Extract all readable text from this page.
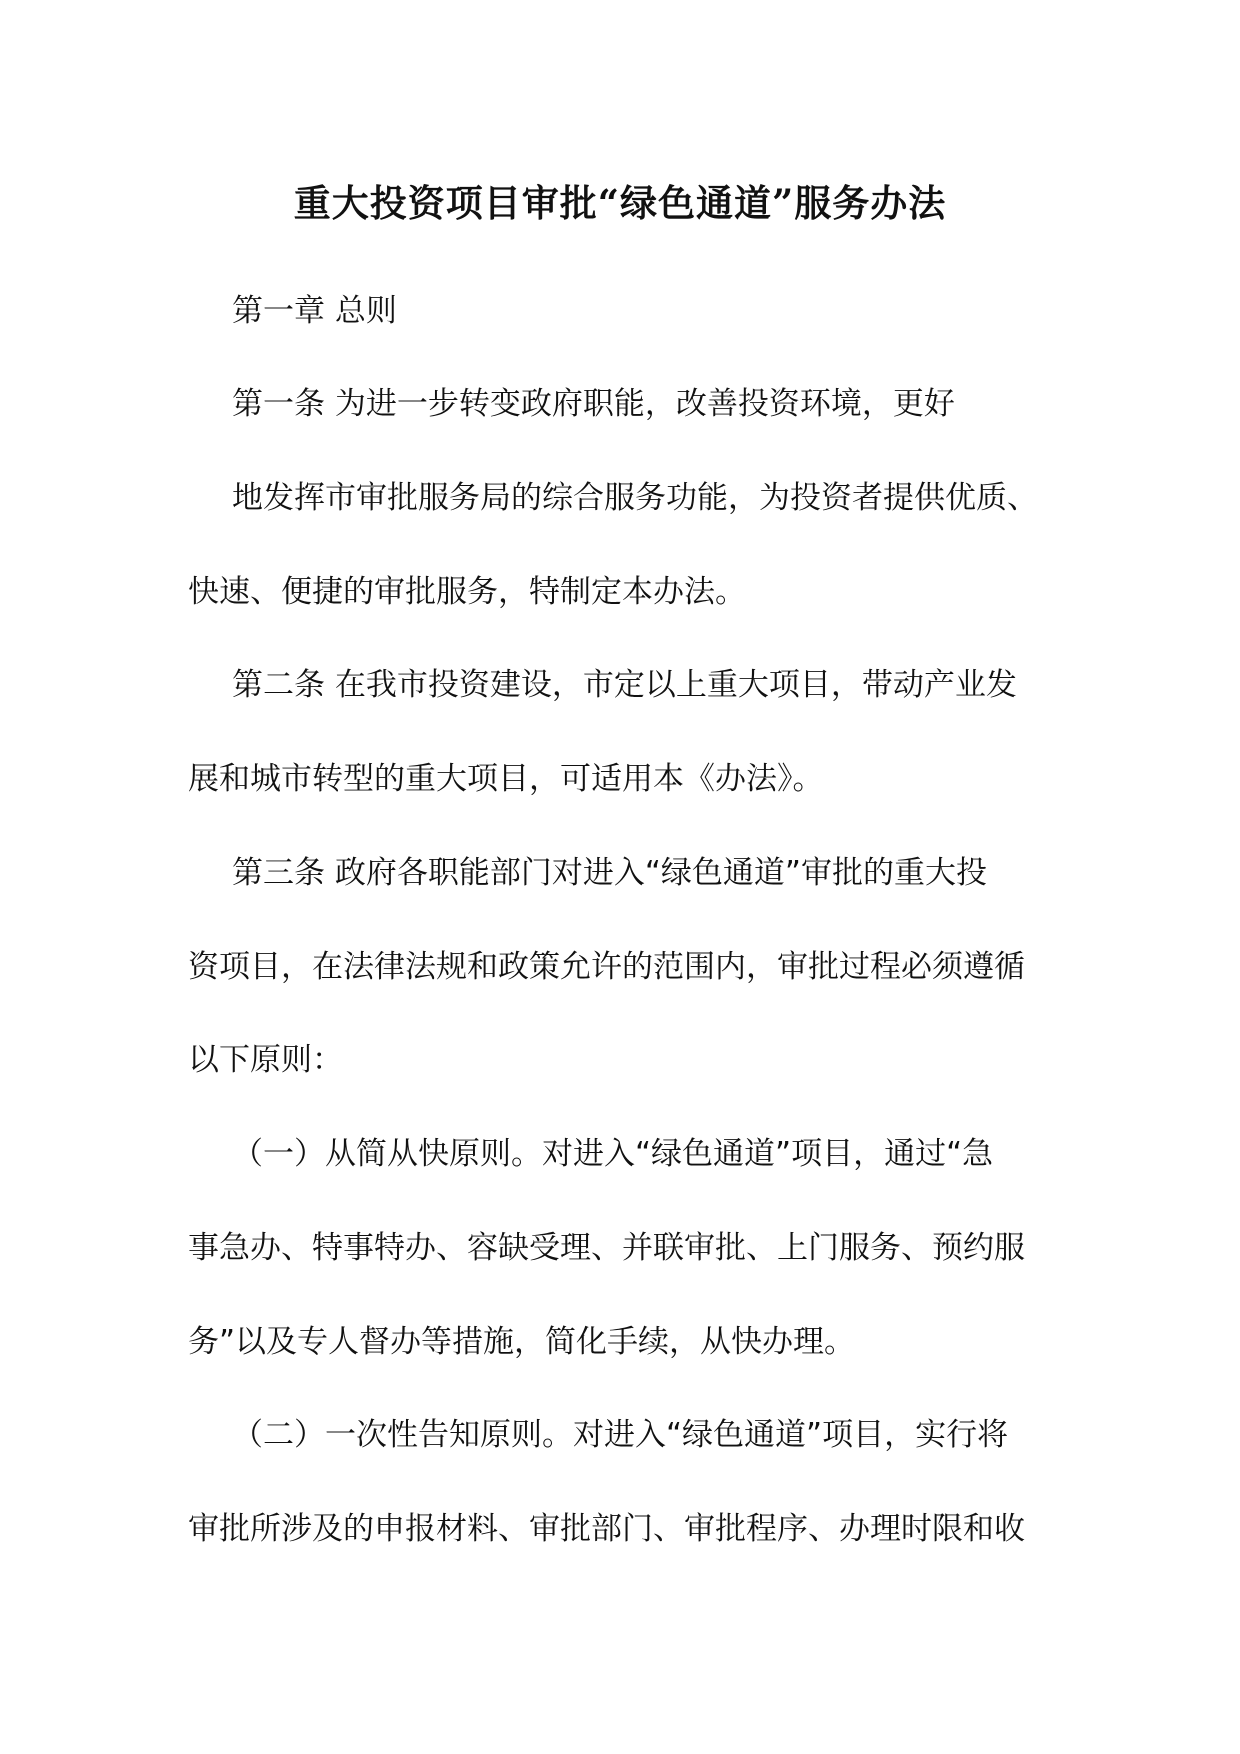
重大投资项目审批“绿色通道”服务办法

第一章 总则

第一条 为进一步转变政府职能，改善投资环境，更好

地发挥市审批服务局的综合服务功能，为投资者提供优质、

快速、便捷的审批服务，特制定本办法。

第二条 在我市投资建设，市定以上重大项目，带动产业发

展和城市转型的重大项目，可适用本《办法》。

第三条 政府各职能部门对进入“绿色通道”审批的重大投

资项目，在法律法规和政策允许的范围内，审批过程必须遵循

以下原则：

（一）从简从快原则。对进入“绿色通道”项目，通过“急

事急办、特事特办、容缺受理、并联审批、上门服务、预约服

务”以及专人督办等措施，简化手续，从快办理。

（二）一次性告知原则。对进入“绿色通道”项目，实行将

审批所涉及的申报材料、审批部门、审批程序、办理时限和收
